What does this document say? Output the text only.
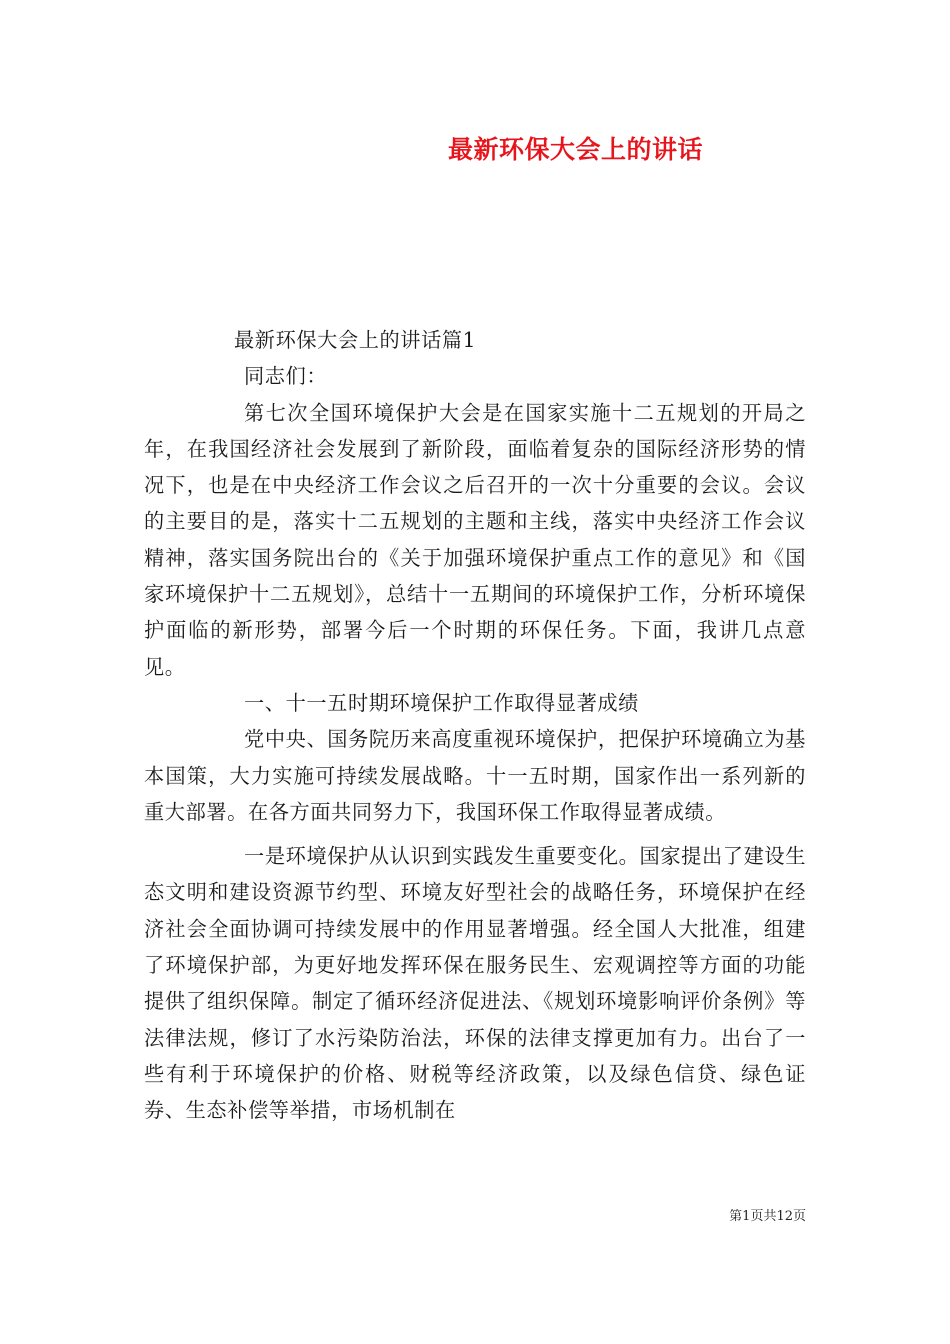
最新环保大会上的讲话

最新环保大会上的讲话篇1

同志们：

第七次全国环境保护大会是在国家实施十二五规划的开局之年，在我国经济社会发展到了新阶段，面临着复杂的国际经济形势的情况下，也是在中央经济工作会议之后召开的一次十分重要的会议。会议的主要目的是，落实十二五规划的主题和主线，落实中央经济工作会议精神，落实国务院出台的《关于加强环境保护重点工作的意见》和《国家环境保护十二五规划》，总结十一五期间的环境保护工作，分析环境保护面临的新形势，部署今后一个时期的环保任务。下面，我讲几点意见。

一、十一五时期环境保护工作取得显著成绩

党中央、国务院历来高度重视环境保护，把保护环境确立为基本国策，大力实施可持续发展战略。十一五时期，国家作出一系列新的重大部署。在各方面共同努力下，我国环保工作取得显著成绩。

一是环境保护从认识到实践发生重要变化。国家提出了建设生态文明和建设资源节约型、环境友好型社会的战略任务，环境保护在经济社会全面协调可持续发展中的作用显著增强。经全国人大批准，组建了环境保护部，为更好地发挥环保在服务民生、宏观调控等方面的功能提供了组织保障。制定了循环经济促进法、《规划环境影响评价条例》等法律法规，修订了水污染防治法，环保的法律支撑更加有力。出台了一些有利于环境保护的价格、财税等经济政策，以及绿色信贷、绿色证券、生态补偿等举措，市场机制在

第1页共12页
